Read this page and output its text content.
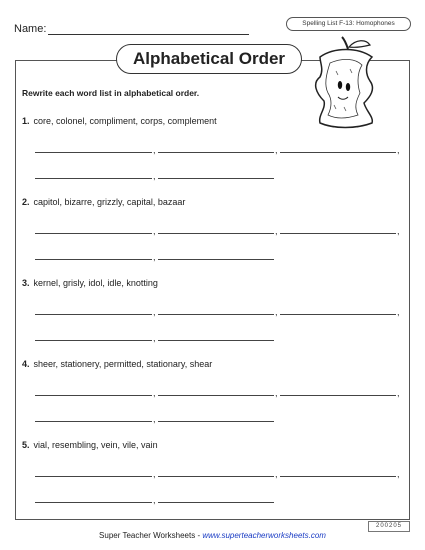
Name:	Spelling List F-13: Homophones
Alphabetical Order
Rewrite each word list in alphabetical order.
1. core, colonel, compliment, corps, complement
2. capitol, bizarre, grizzly, capital, bazaar
3. kernel, grisly, idol, idle, knotting
4. sheer, stationery, permitted, stationary, shear
5. vial, resembling, vein, vile, vain
,	,	,
,
,	,	,
,
,	,	,
,
,	,	,
,
,	,	,
,
200205
Super Teacher Worksheets - www.superteacherworksheets.com
